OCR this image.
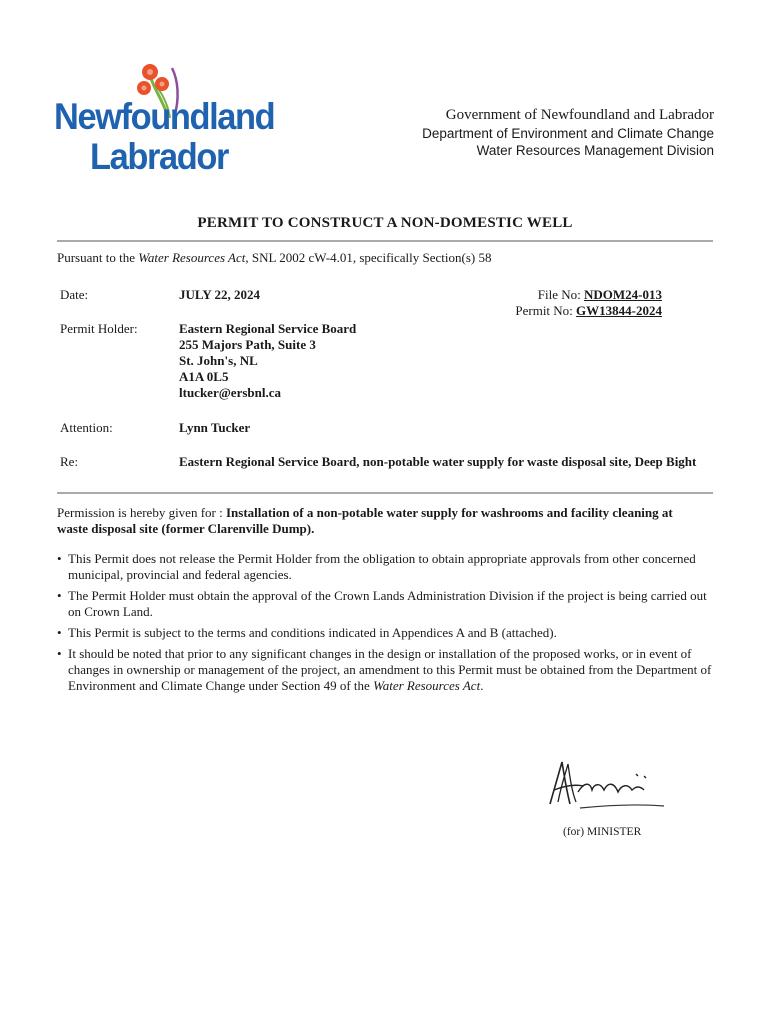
Newfoundland
Labrador
Government of Newfoundland and Labrador
Department of Environment and Climate Change
Water Resources Management Division
PERMIT TO CONSTRUCT A NON-DOMESTIC WELL
Pursuant to the Water Resources Act, SNL 2002 cW-4.01, specifically Section(s) 58
Date:	JULY 22, 2024	File No: NDOM24-013
Permit No: GW13844-2024
Permit Holder:	Eastern Regional Service Board
255 Majors Path, Suite 3
St. John's, NL
A1A 0L5
ltucker@ersbnl.ca
Attention:	Lynn Tucker
Re:	Eastern Regional Service Board, non-potable water supply for waste disposal site, Deep Bight
Permission is hereby given for : Installation of a non-potable water supply for washrooms and facility cleaning at waste disposal site (former Clarenville Dump).
• This Permit does not release the Permit Holder from the obligation to obtain appropriate approvals from other concerned municipal, provincial and federal agencies.
• The Permit Holder must obtain the approval of the Crown Lands Administration Division if the project is being carried out on Crown Land.
• This Permit is subject to the terms and conditions indicated in Appendices A and B (attached).
• It should be noted that prior to any significant changes in the design or installation of the proposed works, or in event of changes in ownership or management of the project, an amendment to this Permit must be obtained from the Department of Environment and Climate Change under Section 49 of the Water Resources Act.
(for) MINISTER
